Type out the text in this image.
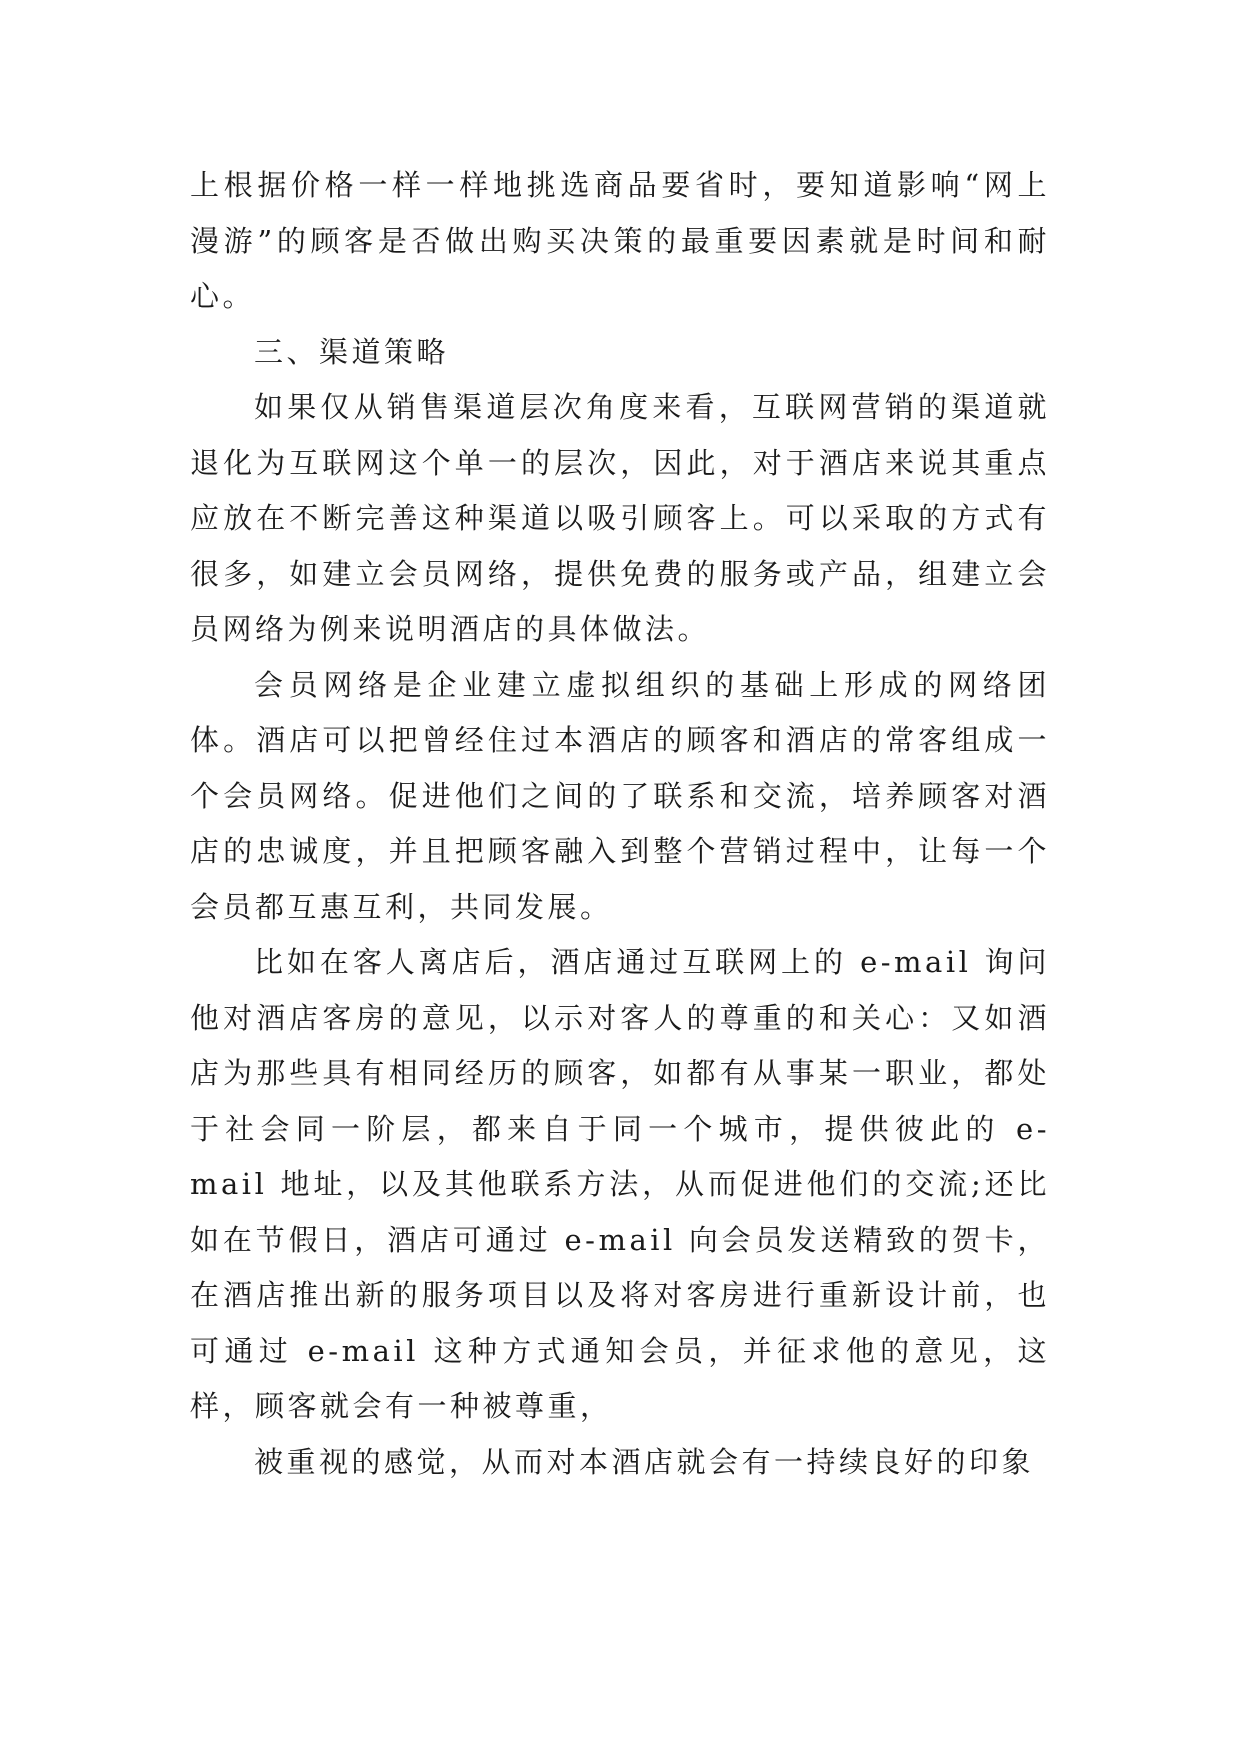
上根据价格一样一样地挑选商品要省时，要知道影响“网上漫游”的顾客是否做出购买决策的最重要因素就是时间和耐心。

三、渠道策略

如果仅从销售渠道层次角度来看，互联网营销的渠道就退化为互联网这个单一的层次，因此，对于酒店来说其重点应放在不断完善这种渠道以吸引顾客上。可以采取的方式有很多，如建立会员网络，提供免费的服务或产品，组建立会员网络为例来说明酒店的具体做法。

会员网络是企业建立虚拟组织的基础上形成的网络团体。酒店可以把曾经住过本酒店的顾客和酒店的常客组成一个会员网络。促进他们之间的了联系和交流，培养顾客对酒店的忠诚度，并且把顾客融入到整个营销过程中，让每一个会员都互惠互利，共同发展。

比如在客人离店后，酒店通过互联网上的 e-mail 询问他对酒店客房的意见，以示对客人的尊重的和关心：又如酒店为那些具有相同经历的顾客，如都有从事某一职业，都处于社会同一阶层，都来自于同一个城市，提供彼此的 e-mail 地址，以及其他联系方法，从而促进他们的交流;还比如在节假日，酒店可通过 e-mail 向会员发送精致的贺卡，在酒店推出新的服务项目以及将对客房进行重新设计前，也可通过 e-mail 这种方式通知会员，并征求他的意见，这样，顾客就会有一种被尊重，

被重视的感觉，从而对本酒店就会有一持续良好的印象
